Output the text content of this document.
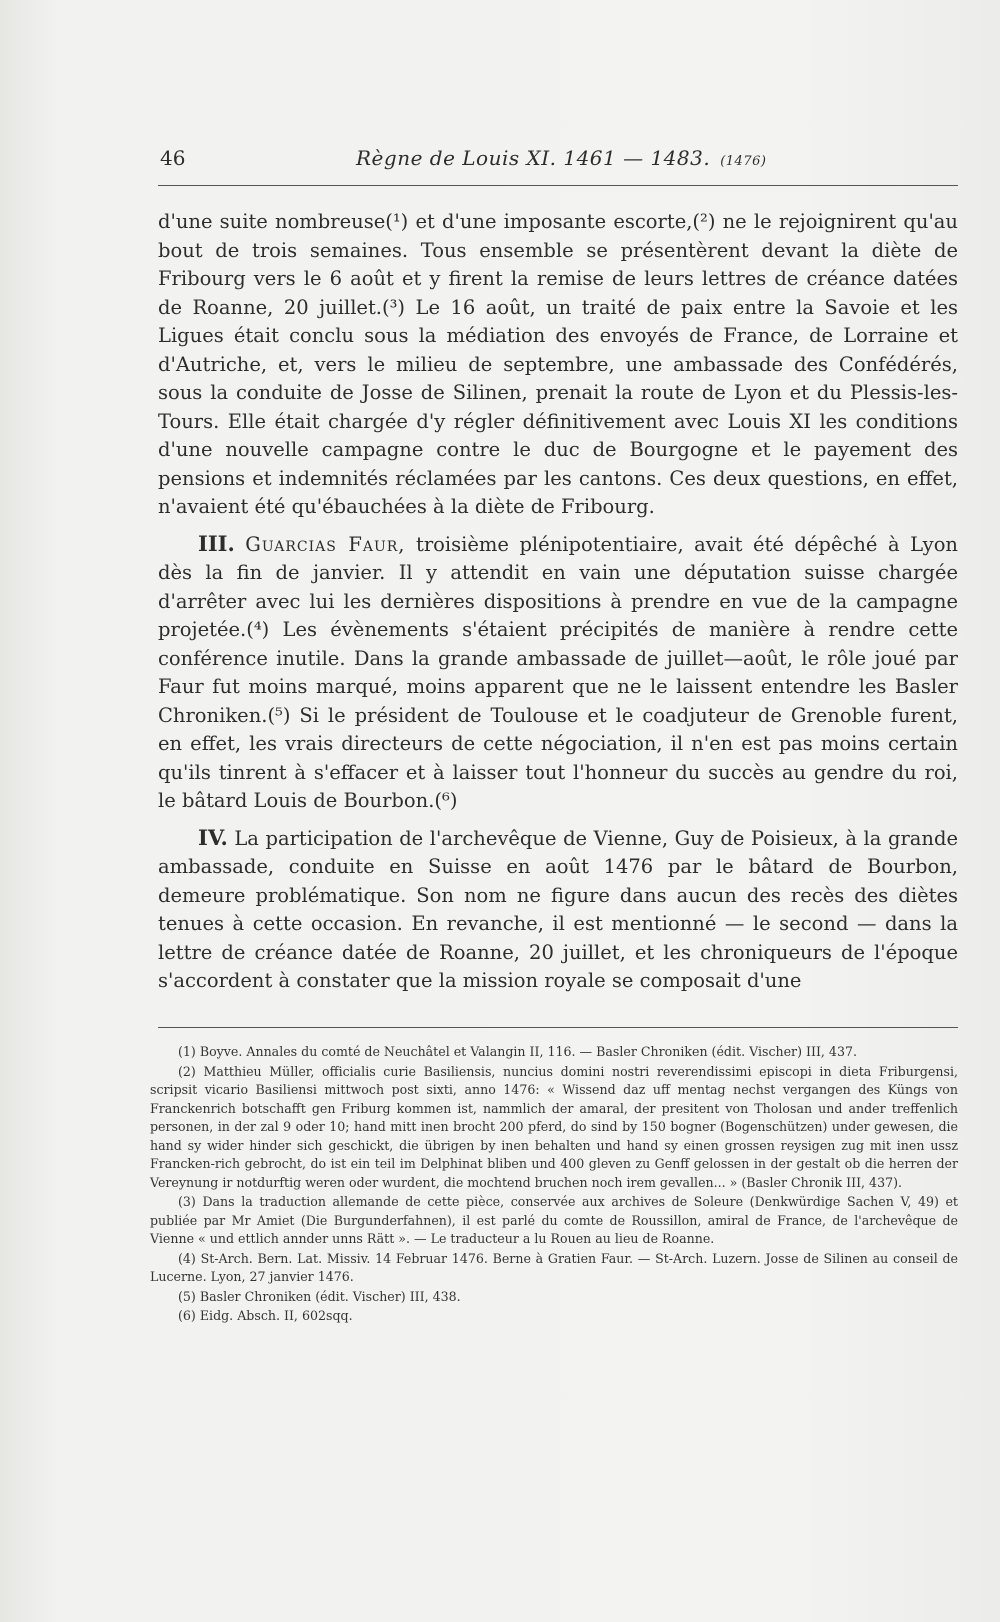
46	Règne de Louis XI. 1461 — 1483. (1476)

d'une suite nombreuse(¹) et d'une imposante escorte,(²) ne le rejoignirent qu'au bout de trois semaines. Tous ensemble se présentèrent devant la diète de Fribourg vers le 6 août et y firent la remise de leurs lettres de créance datées de Roanne, 20 juillet.(³) Le 16 août, un traité de paix entre la Savoie et les Ligues était conclu sous la médiation des envoyés de France, de Lorraine et d'Autriche, et, vers le milieu de septembre, une ambassade des Confédérés, sous la conduite de Josse de Silinen, prenait la route de Lyon et du Plessis-les-Tours. Elle était chargée d'y régler définitivement avec Louis XI les conditions d'une nouvelle campagne contre le duc de Bourgogne et le payement des pensions et indemnités réclamées par les cantons. Ces deux questions, en effet, n'avaient été qu'ébauchées à la diète de Fribourg.

III. Guarcias Faur, troisième plénipotentiaire, avait été dépêché à Lyon dès la fin de janvier. Il y attendit en vain une députation suisse chargée d'arrêter avec lui les dernières dispositions à prendre en vue de la campagne projetée.(⁴) Les évènements s'étaient précipités de manière à rendre cette conférence inutile. Dans la grande ambassade de juillet—août, le rôle joué par Faur fut moins marqué, moins apparent que ne le laissent entendre les Basler Chroniken.(⁵) Si le président de Toulouse et le coadjuteur de Grenoble furent, en effet, les vrais directeurs de cette négociation, il n'en est pas moins certain qu'ils tinrent à s'effacer et à laisser tout l'honneur du succès au gendre du roi, le bâtard Louis de Bourbon.(⁶)

IV. La participation de l'archevêque de Vienne, Guy de Poisieux, à la grande ambassade, conduite en Suisse en août 1476 par le bâtard de Bourbon, demeure problématique. Son nom ne figure dans aucun des recès des diètes tenues à cette occasion. En revanche, il est mentionné — le second — dans la lettre de créance datée de Roanne, 20 juillet, et les chroniqueurs de l'époque s'accordent à constater que la mission royale se composait d'une

(1) Boyve. Annales du comté de Neuchâtel et Valangin II, 116. — Basler Chroniken (édit. Vischer) III, 437.

(2) Matthieu Müller, officialis curie Basiliensis, nuncius domini nostri reverendissimi episcopi in dieta Friburgensi, scripsit vicario Basiliensi mittwoch post sixti, anno 1476: « Wissend daz uff mentag nechst vergangen des Küngs von Franckenrich botschafft gen Friburg kommen ist, nammlich der amaral, der presitent von Tholosan und ander treffenlich personen, in der zal 9 oder 10; hand mitt inen brocht 200 pferd, do sind by 150 bogner (Bogenschützen) under gewesen, die hand sy wider hinder sich geschickt, die übrigen by inen behalten und hand sy einen grossen reysigen zug mit inen ussz Francken-rich gebrocht, do ist ein teil im Delphinat bliben und 400 gleven zu Genff gelossen in der gestalt ob die herren der Vereynung ir notdurftig weren oder wurdent, die mochtend bruchen noch irem gevallen... » (Basler Chronik III, 437).

(3) Dans la traduction allemande de cette pièce, conservée aux archives de Soleure (Denkwürdige Sachen V, 49) et publiée par Mr Amiet (Die Burgunderfahnen), il est parlé du comte de Roussillon, amiral de France, de l'archevêque de Vienne « und ettlich annder unns Rätt ». — Le traducteur a lu Rouen au lieu de Roanne.

(4) St-Arch. Bern. Lat. Missiv. 14 Februar 1476. Berne à Gratien Faur. — St-Arch. Luzern. Josse de Silinen au conseil de Lucerne. Lyon, 27 janvier 1476.

(5) Basler Chroniken (édit. Vischer) III, 438.

(6) Eidg. Absch. II, 602sqq.
